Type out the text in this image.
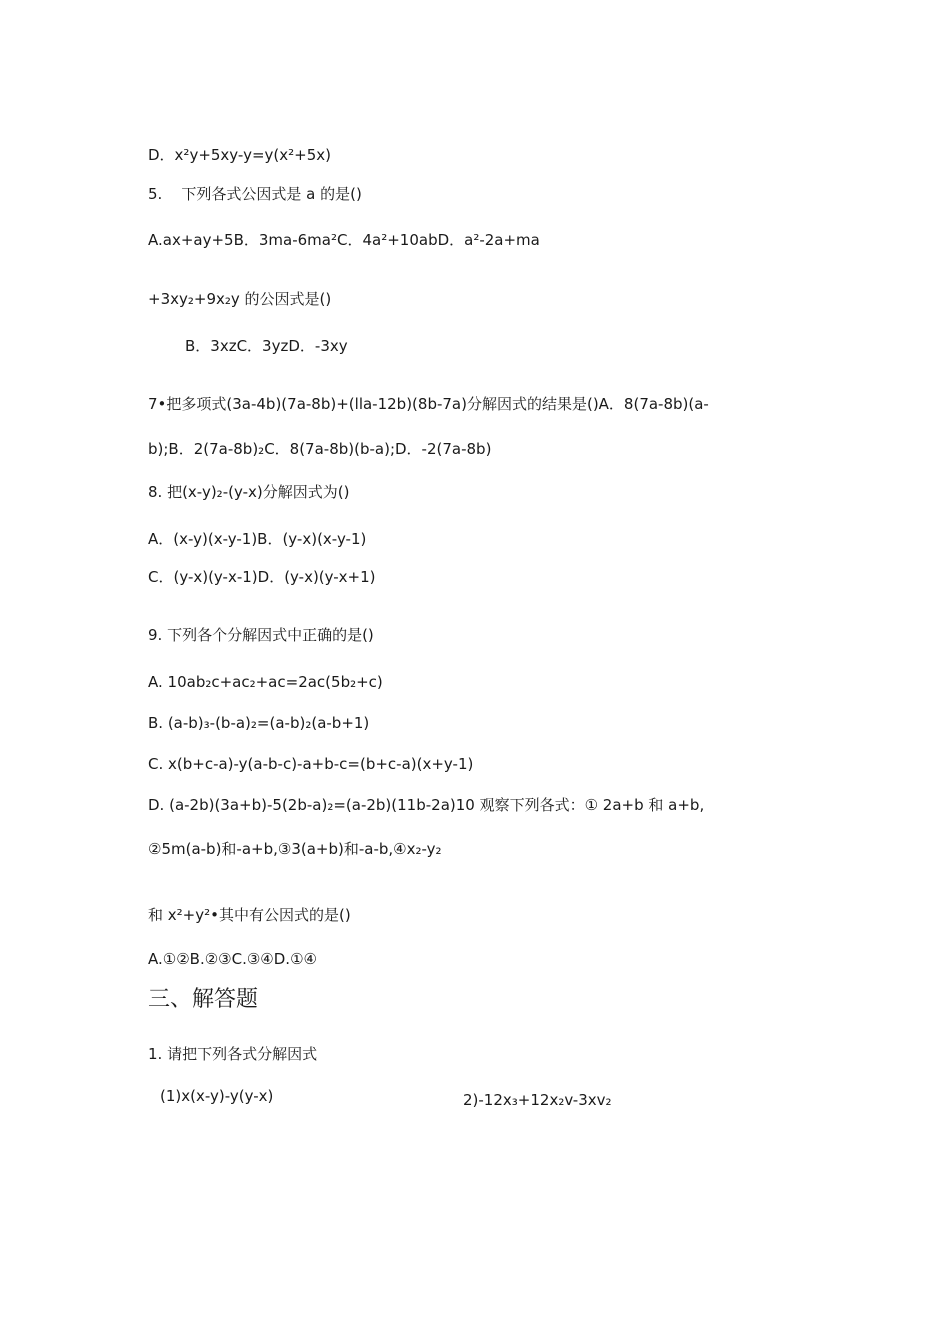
D．x²y+5xy-y=y(x²+5x)
5.    下列各式公因式是 a 的是()
A.ax+ay+5B．3ma-6ma²C．4a²+10abD．a²-2a+ma
+3xy₂+9x₂y 的公因式是()
B．3xzC．3yzD．-3xy
7•把多项式(3a-4b)(7a-8b)+(lla-12b)(8b-7a)分解因式的结果是()A．8(7a-8b)(a-
b);B．2(7a-8b)₂C．8(7a-8b)(b-a);D．-2(7a-8b)
8. 把(x-y)₂-(y-x)分解因式为()
A．(x-y)(x-y-1)B．(y-x)(x-y-1)
C．(y-x)(y-x-1)D．(y-x)(y-x+1)
9. 下列各个分解因式中正确的是()
A. 10ab₂c+ac₂+ac=2ac(5b₂+c)
B. (a-b)₃-(b-a)₂=(a-b)₂(a-b+1)
C. x(b+c-a)-y(a-b-c)-a+b-c=(b+c-a)(x+y-1)
D. (a-2b)(3a+b)-5(2b-a)₂=(a-2b)(11b-2a)10 观察下列各式：① 2a+b 和 a+b,
②5m(a-b)和-a+b,③3(a+b)和-a-b,④x₂-y₂
和 x²+y²•其中有公因式的是()
A.①②B.②③C.③④D.①④
三、解答题
1. 请把下列各式分解因式
(1)x(x-y)-y(y-x)	2)-12x₃+12x₂v-3xv₂
